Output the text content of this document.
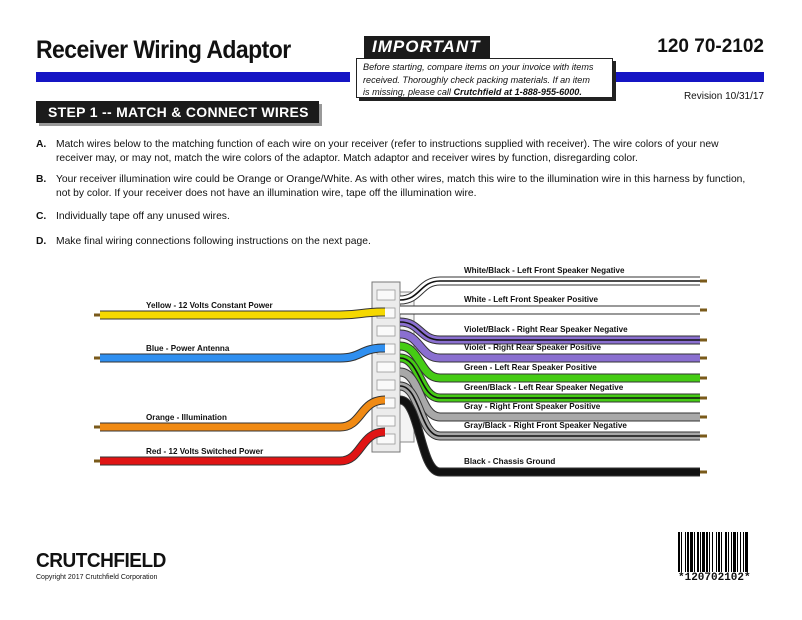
Receiver Wiring Adaptor	120 70-2102
Before starting, compare items on your invoice with items
received. Thoroughly check packing materials. If an item
is missing, please call Crutchfield at 1-888-955-6000.
IMPORTANT
Revision 10/31/17
STEP 1 -- MATCH & CONNECT WIRES
A. Match wires below to the matching function of each wire on your receiver (refer to instructions supplied with receiver). The wire colors of your new receiver may, or may not, match the wire colors of the adaptor. Match adaptor and receiver wires by function, disregarding color.
B. Your receiver illumination wire could be Orange or Orange/White. As with other wires, match this wire to the illumination wire in this harness by function, not by color. If your receiver does not have an illumination wire, tape off the illumination wire.
C. Individually tape off any unused wires.
D. Make final wiring connections following instructions on the next page.
Yellow - 12 Volts Constant Power
Blue - Power Antenna
Orange - Illumination
Red - 12 Volts Switched Power
White/Black - Left Front Speaker Negative
White - Left Front Speaker Positive
Violet/Black - Right Rear Speaker Negative
Violet - Right Rear Speaker Positive
Green - Left Rear Speaker Positive
Green/Black - Left Rear Speaker Negative
Gray - Right Front Speaker Positive
Gray/Black - Right Front Speaker Negative
Black - Chassis Ground
CRUTCHFIELD
Copyright 2017 Crutchfield Corporation	*120702102*
